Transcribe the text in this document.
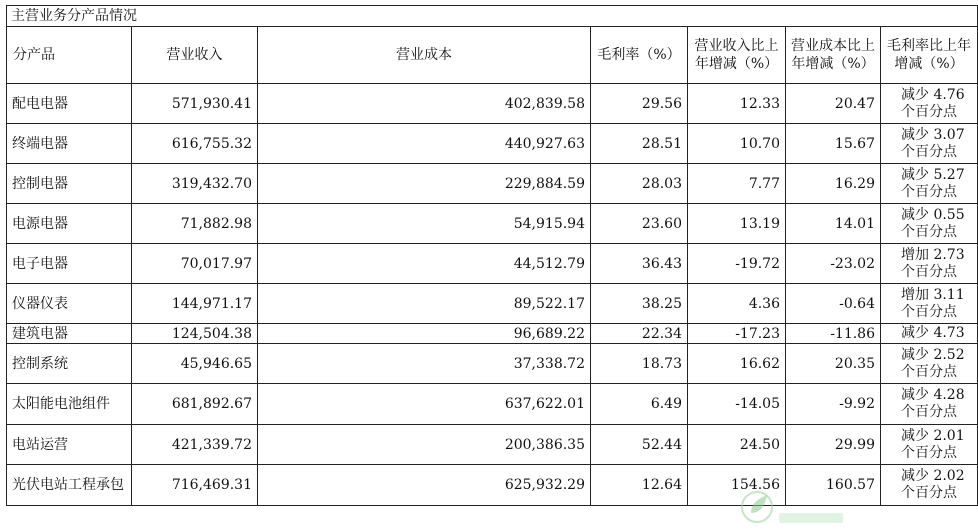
主营业务分产品情况						
分产品	营业收入	营业成本	毛利率（%）	营业收入比上年增减（%）	营业成本比上年增减（%）	毛利率比上年增减（%）
配电电器	571,930.41	402,839.58	29.56	12.33	20.47	减少 4.76 个百分点
终端电器	616,755.32	440,927.63	28.51	10.70	15.67	减少 3.07 个百分点
控制电器	319,432.70	229,884.59	28.03	7.77	16.29	减少 5.27 个百分点
电源电器	71,882.98	54,915.94	23.60	13.19	14.01	减少 0.55 个百分点
电子电器	70,017.97	44,512.79	36.43	-19.72	-23.02	增加 2.73 个百分点
仪器仪表	144,971.17	89,522.17	38.25	4.36	-0.64	增加 3.11 个百分点
建筑电器	124,504.38	96,689.22	22.34	-17.23	-11.86	减少 4.73
控制系统	45,946.65	37,338.72	18.73	16.62	20.35	减少 2.52 个百分点
太阳能电池组件	681,892.67	637,622.01	6.49	-14.05	-9.92	减少 4.28 个百分点
电站运营	421,339.72	200,386.35	52.44	24.50	29.99	减少 2.01 个百分点
光伏电站工程承包	716,469.31	625,932.29	12.64	154.56	160.57	减少 2.02 个百分点
